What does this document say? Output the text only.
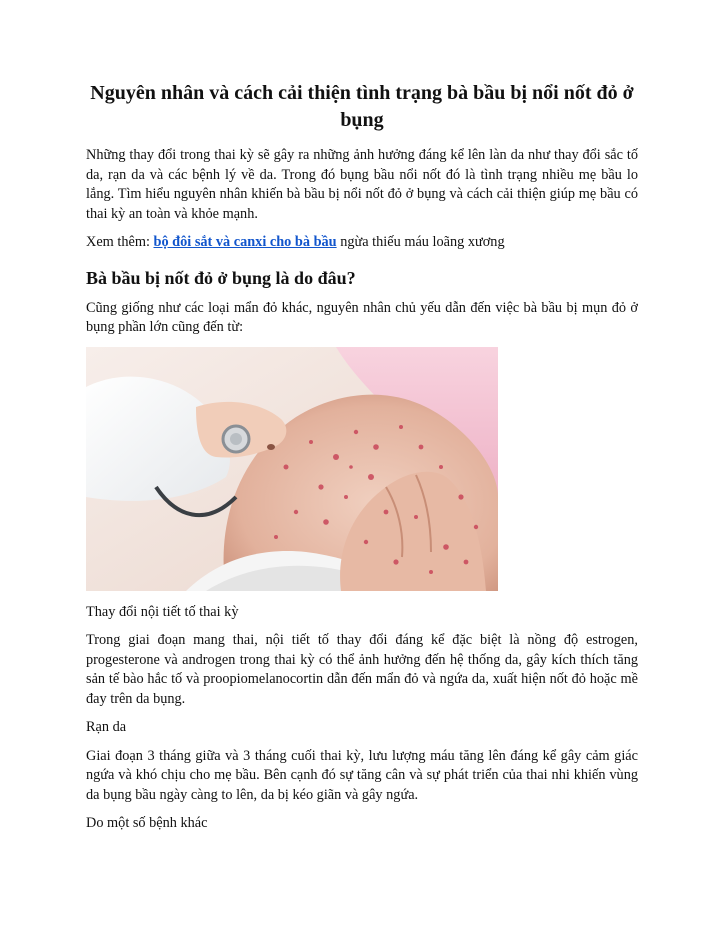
Nguyên nhân và cách cải thiện tình trạng bà bầu bị nổi nốt đỏ ở bụng

Những thay đổi trong thai kỳ sẽ gây ra những ảnh hưởng đáng kể lên làn da như thay đổi sắc tố da, rạn da và các bệnh lý về da. Trong đó bụng bầu nổi nốt đó là tình trạng nhiều mẹ bầu lo lắng. Tìm hiểu nguyên nhân khiến bà bầu bị nổi nốt đỏ ở bụng và cách cải thiện giúp mẹ bầu có thai kỳ an toàn và khỏe mạnh.

Xem thêm: bộ đôi sắt và canxi cho bà bầu ngừa thiếu máu loãng xương

Bà bầu bị nốt đỏ ở bụng là do đâu?

Cũng giống như các loại mẩn đỏ khác, nguyên nhân chủ yếu dẫn đến việc bà bầu bị mụn đỏ ở bụng phần lớn cũng đến từ:

Thay đổi nội tiết tố thai kỳ

Trong giai đoạn mang thai, nội tiết tố thay đổi đáng kể đặc biệt là nồng độ estrogen, progesterone và androgen trong thai kỳ có thể ảnh hưởng đến hệ thống da, gây kích thích tăng sản tế bào hắc tố và proopiomelanocortin dẫn đến mẩn đỏ và ngứa da, xuất hiện nốt đỏ hoặc mề đay trên da bụng.

Rạn da

Giai đoạn 3 tháng giữa và 3 tháng cuối thai kỳ, lưu lượng máu tăng lên đáng kể gây cảm giác ngứa và khó chịu cho mẹ bầu. Bên cạnh đó sự tăng cân và sự phát triển của thai nhi khiến vùng da bụng bầu ngày càng to lên, da bị kéo giãn và gây ngứa.

Do một số bệnh khác
